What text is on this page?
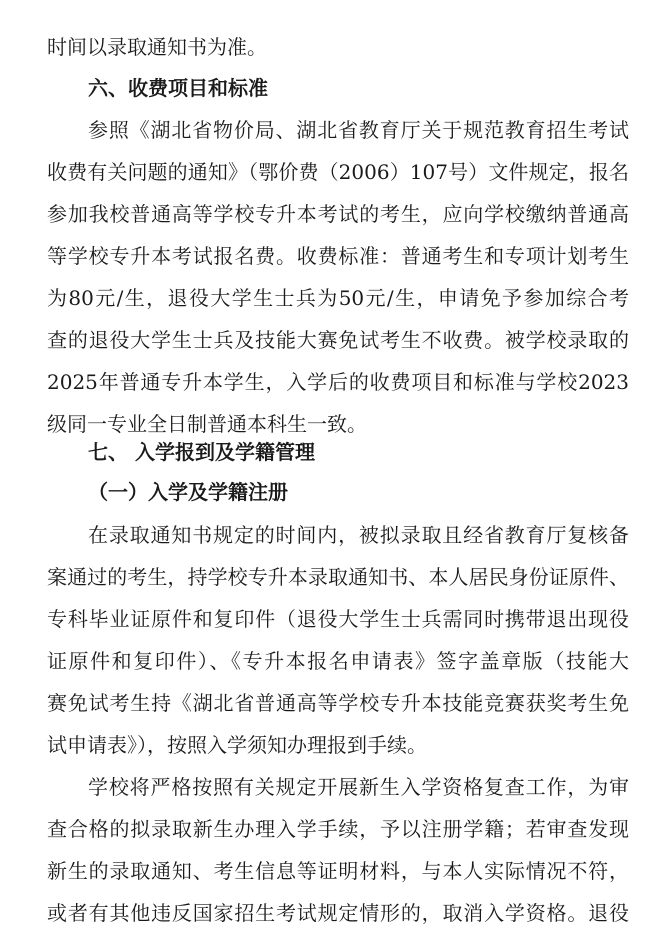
时间以录取通知书为准。
六、收费项目和标准
参照《湖北省物价局、湖北省教育厅关于规范教育招生考试
收费有关问题的通知》（鄂价费（2006）107号）文件规定，报名
参加我校普通高等学校专升本考试的考生，应向学校缴纳普通高
等学校专升本考试报名费。收费标准：普通考生和专项计划考生
为80元/生，退役大学生士兵为50元/生，申请免予参加综合考
查的退役大学生士兵及技能大赛免试考生不收费。被学校录取的
2025年普通专升本学生，入学后的收费项目和标准与学校2023
级同一专业全日制普通本科生一致。
七、 入学报到及学籍管理
（一）入学及学籍注册
在录取通知书规定的时间内，被拟录取且经省教育厅复核备
案通过的考生，持学校专升本录取通知书、本人居民身份证原件、
专科毕业证原件和复印件（退役大学生士兵需同时携带退出现役
证原件和复印件）、《专升本报名申请表》签字盖章版（技能大
赛免试考生持《湖北省普通高等学校专升本技能竞赛获奖考生免
试申请表》），按照入学须知办理报到手续。
学校将严格按照有关规定开展新生入学资格复查工作，为审
查合格的拟录取新生办理入学手续，予以注册学籍；若审查发现
新生的录取通知、考生信息等证明材料，与本人实际情况不符，
或者有其他违反国家招生考试规定情形的，取消入学资格。退役
